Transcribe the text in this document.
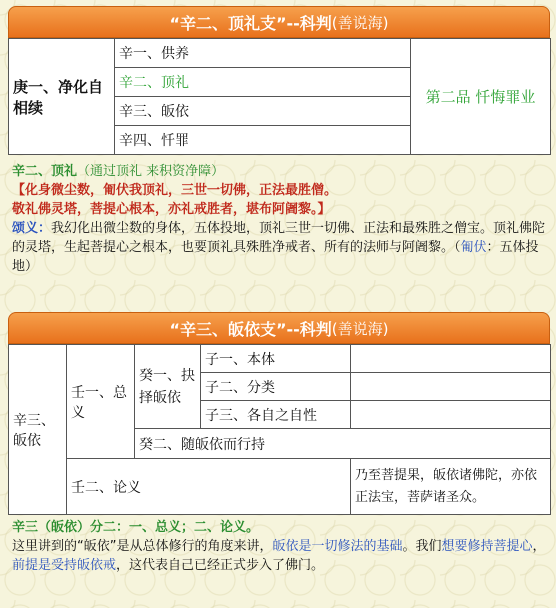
“辛二、顶礼支”--科判 (善说海)
庚一、净化自相续	辛一、供养	第二品 忏悔罪业
辛二、顶礼
辛三、皈依
辛四、忏罪
辛二、顶礼（通过顶礼 来积资净障）
【化身微尘数，匍伏我顶礼，三世一切佛，正法最胜僧。
敬礼佛灵塔，菩提心根本，亦礼戒胜者，堪布阿阇黎。】
颂义：我幻化出微尘数的身体，五体投地，顶礼三世一切佛、正法和最殊胜之僧宝。顶礼佛陀的灵塔，生起菩提心之根本，也要顶礼具殊胜净戒者、所有的法师与阿阇黎。（匍伏：五体投地）
“辛三、皈依支”--科判 (善说海)
辛三、皈依	壬一、总义	癸一、抉择皈依	子一、本体	
			子二、分类	
			子三、各自之自性	
		癸二、随皈依而行持		
	壬二、论义			乃至菩提果，皈依诸佛陀，亦依正法宝，菩萨诸圣众。
辛三（皈依）分二：一、总义；二、论义。
这里讲到的“皈依”是从总体修行的角度来讲，皈依是一切修法的基础。我们想要修持菩提心，前提是受持皈依戒，这代表自己已经正式步入了佛门。
